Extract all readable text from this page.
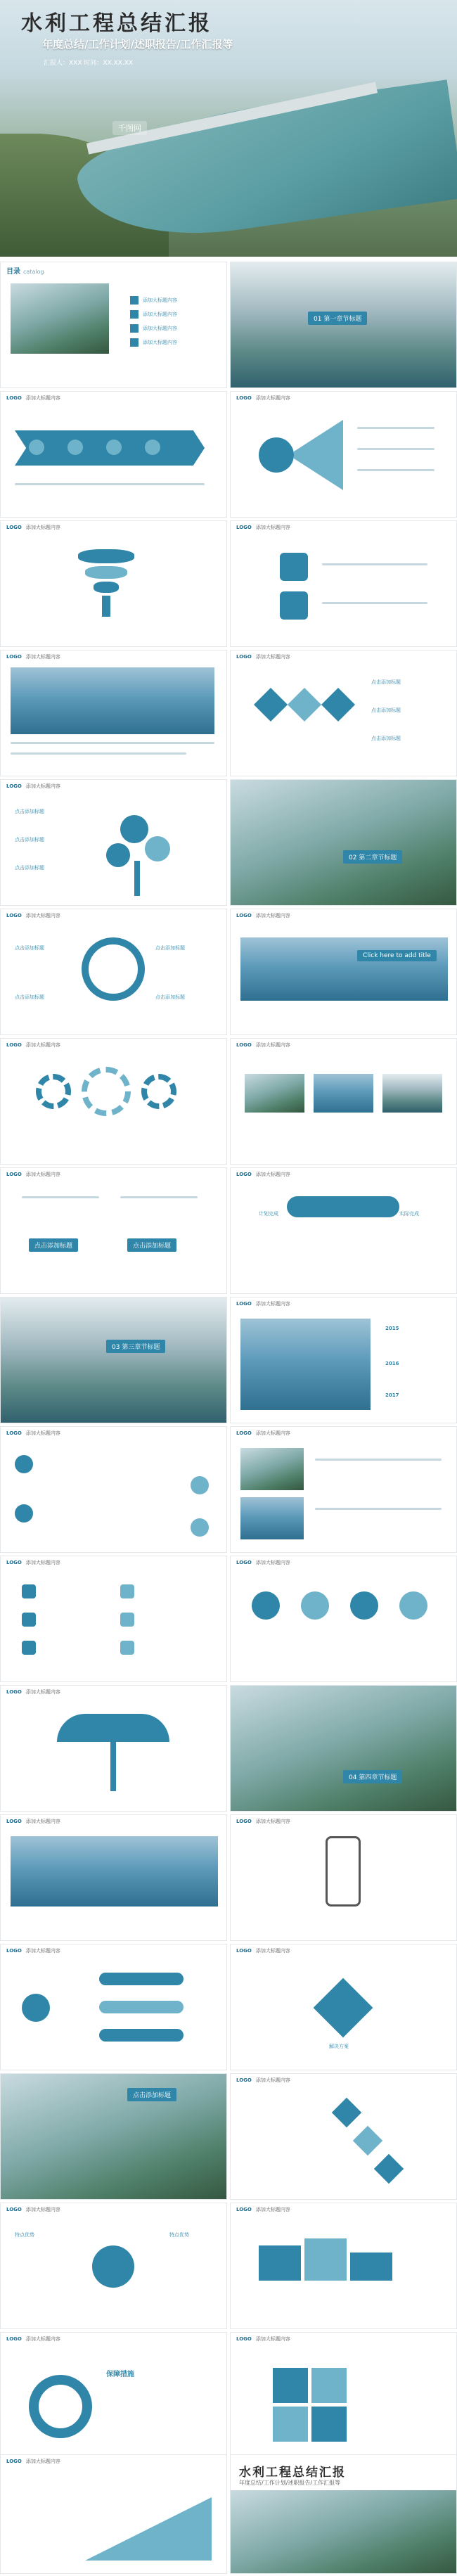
水利工程总结汇报
年度总结/工作计划/述职报告/工作汇报等
汇报人：XXX 时间：XX.XX.XX
千图网
目录 catalog
添加大标题内容
添加大标题内容
添加大标题内容
添加大标题内容
01 第一章节标题
LOGO 添加大标题内容	LOGO 添加大标题内容
LOGO 添加大标题内容	LOGO 添加大标题内容
LOGO 添加大标题内容	LOGO 添加大标题内容
点击添加标题
点击添加标题
点击添加标题
LOGO 添加大标题内容
点击添加标题
点击添加标题
点击添加标题
02 第二章节标题
LOGO 添加大标题内容
点击添加标题	点击添加标题
点击添加标题	点击添加标题
LOGO 添加大标题内容
Click here to add title
LOGO 添加大标题内容	LOGO 添加大标题内容
LOGO 添加大标题内容
点击添加标题	点击添加标题
LOGO 添加大标题内容
计划完成	实际完成
03 第三章节标题
LOGO 添加大标题内容
2015
2016
2017
LOGO 添加大标题内容	LOGO 添加大标题内容
LOGO 添加大标题内容	LOGO 添加大标题内容
LOGO 添加大标题内容
04 第四章节标题
LOGO 添加大标题内容	LOGO 添加大标题内容
LOGO 添加大标题内容	LOGO 添加大标题内容
解决方案
点击添加标题
LOGO 添加大标题内容
LOGO 添加大标题内容
特点优势	特点优势
LOGO 添加大标题内容
LOGO 添加大标题内容
保障措施
LOGO 添加大标题内容
LOGO 添加大标题内容
水利工程总结汇报
年度总结/工作计划/述职报告/工作汇报等
